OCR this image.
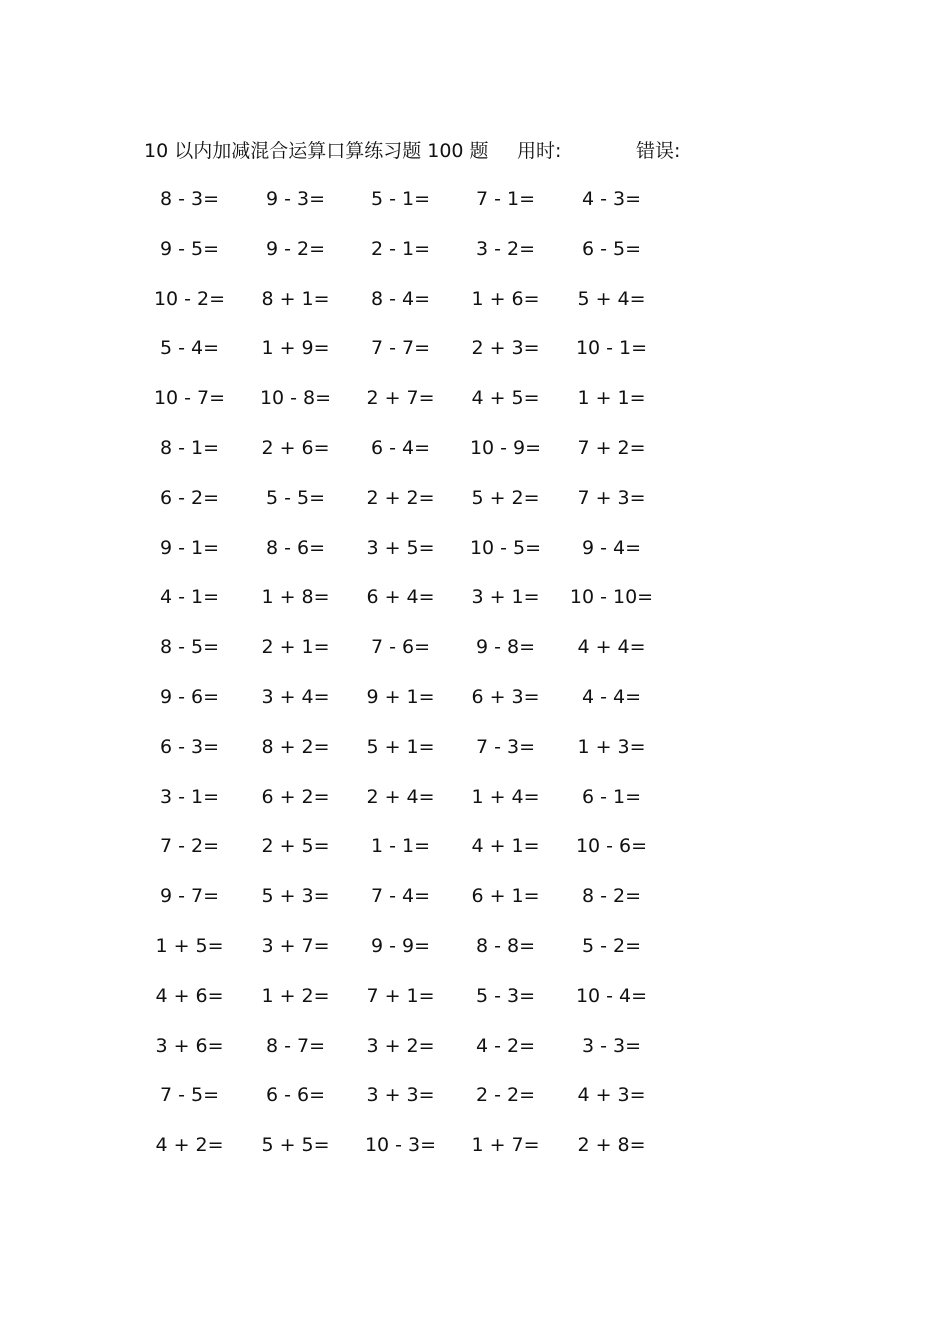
10 以内加减混合运算口算练习题 100 题 用时:	错误:
8 - 3=	9 - 3=	5 - 1=	7 - 1=	4 - 3=
9 - 5=	9 - 2=	2 - 1=	3 - 2=	6 - 5=
10 - 2=	8 + 1=	8 - 4=	1 + 6=	5 + 4=
5 - 4=	1 + 9=	7 - 7=	2 + 3=	10 - 1=
10 - 7=	10 - 8=	2 + 7=	4 + 5=	1 + 1=
8 - 1=	2 + 6=	6 - 4=	10 - 9=	7 + 2=
6 - 2=	5 - 5=	2 + 2=	5 + 2=	7 + 3=
9 - 1=	8 - 6=	3 + 5=	10 - 5=	9 - 4=
4 - 1=	1 + 8=	6 + 4=	3 + 1=	10 - 10=
8 - 5=	2 + 1=	7 - 6=	9 - 8=	4 + 4=
9 - 6=	3 + 4=	9 + 1=	6 + 3=	4 - 4=
6 - 3=	8 + 2=	5 + 1=	7 - 3=	1 + 3=
3 - 1=	6 + 2=	2 + 4=	1 + 4=	6 - 1=
7 - 2=	2 + 5=	1 - 1=	4 + 1=	10 - 6=
9 - 7=	5 + 3=	7 - 4=	6 + 1=	8 - 2=
1 + 5=	3 + 7=	9 - 9=	8 - 8=	5 - 2=
4 + 6=	1 + 2=	7 + 1=	5 - 3=	10 - 4=
3 + 6=	8 - 7=	3 + 2=	4 - 2=	3 - 3=
7 - 5=	6 - 6=	3 + 3=	2 - 2=	4 + 3=
4 + 2=	5 + 5=	10 - 3=	1 + 7=	2 + 8=
